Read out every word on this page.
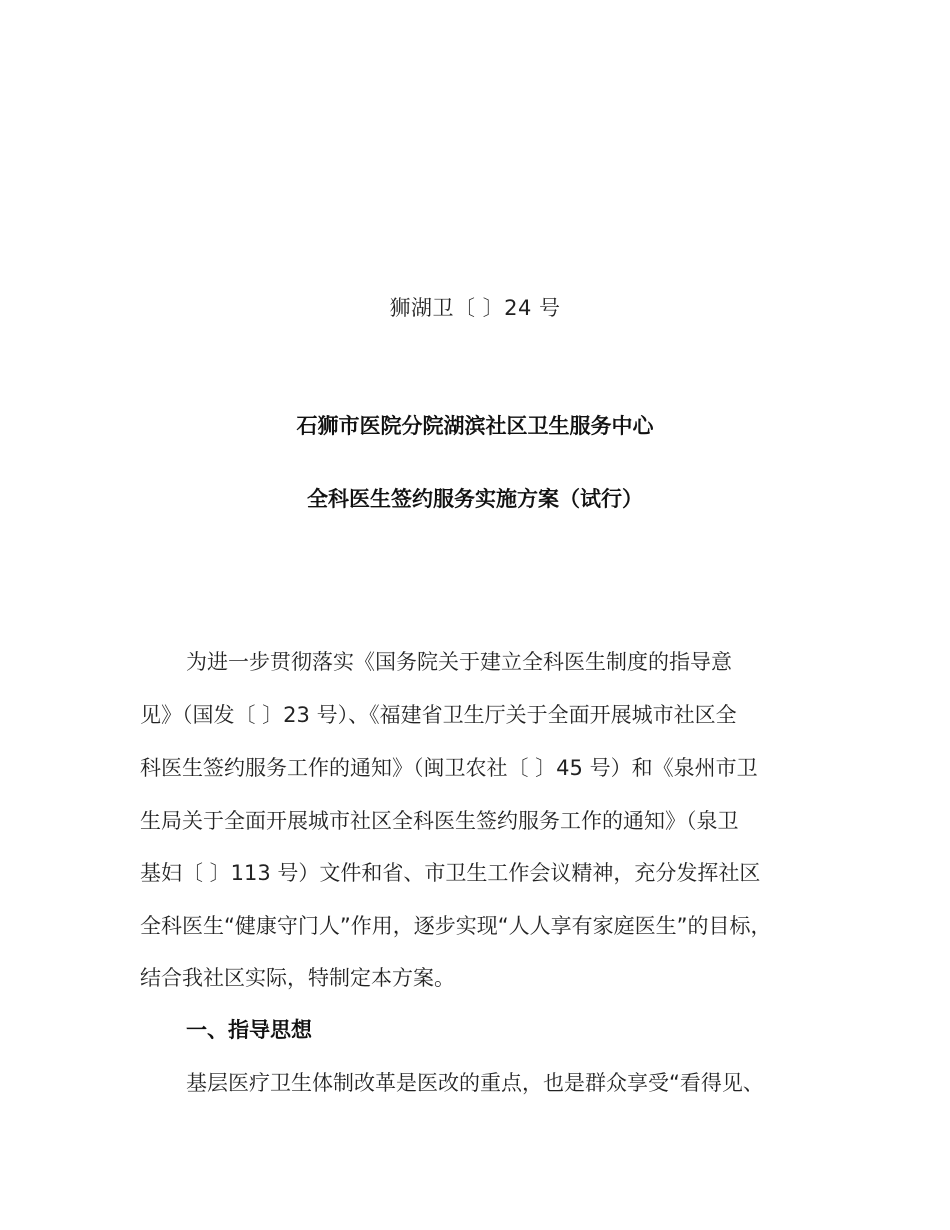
狮湖卫〔 〕24 号
石狮市医院分院湖滨社区卫生服务中心
全科医生签约服务实施方案（试行）
为进一步贯彻落实《国务院关于建立全科医生制度的指导意
见》（国发〔 〕23 号）、《福建省卫生厅关于全面开展城市社区全
科医生签约服务工作的通知》（闽卫农社〔 〕45 号）和《泉州市卫
生局关于全面开展城市社区全科医生签约服务工作的通知》（泉卫
基妇〔 〕113 号）文件和省、市卫生工作会议精神，充分发挥社区
全科医生“健康守门人”作用，逐步实现“人人享有家庭医生”的目标，
结合我社区实际，特制定本方案。
一、指导思想
基层医疗卫生体制改革是医改的重点，也是群众享受“看得见、
